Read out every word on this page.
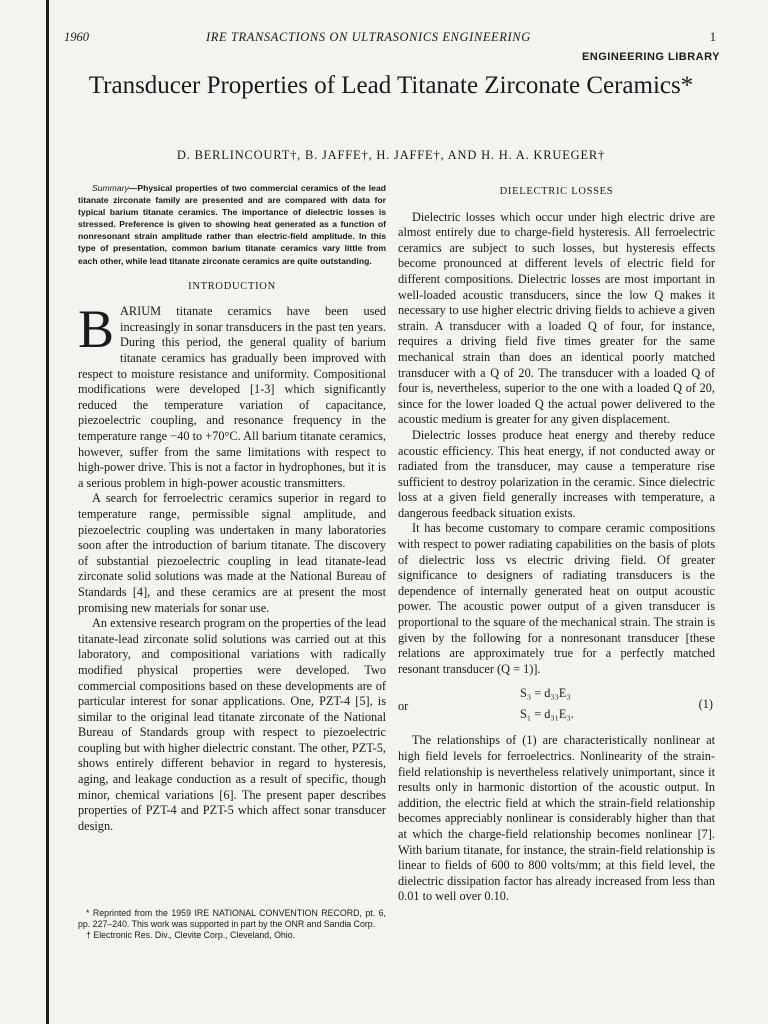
1960
	IRE TRANSACTIONS ON ULTRASONICS ENGINEERING	1
ENGINEERING LIBRARY
Transducer Properties of Lead Titanate Zirconate Ceramics*
D. BERLINCOURT†, B. JAFFE†, H. JAFFE†, AND H. H. A. KRUEGER†

Summary—Physical properties of two commercial ceramics of the lead titanate zirconate family are presented and are compared with data for typical barium titanate ceramics. The importance of dielectric losses is stressed. Preference is given to showing heat generated as a function of nonresonant strain amplitude rather than electric-field amplitude. In this type of presentation, common barium titanate ceramics vary little from each other, while lead titanate zirconate ceramics are quite outstanding.

INTRODUCTION

BARIUM titanate ceramics have been used increasingly in sonar transducers in the past ten years. During this period, the general quality of barium titanate ceramics has gradually been improved with respect to moisture resistance and uniformity. Compositional modifications were developed [1-3] which significantly reduced the temperature variation of capacitance, piezoelectric coupling, and resonance frequency in the temperature range −40 to +70°C. All barium titanate ceramics, however, suffer from the same limitations with respect to high-power drive. This is not a factor in hydrophones, but it is a serious problem in high-power acoustic transmitters.

A search for ferroelectric ceramics superior in regard to temperature range, permissible signal amplitude, and piezoelectric coupling was undertaken in many laboratories soon after the introduction of barium titanate. The discovery of substantial piezoelectric coupling in lead titanate-lead zirconate solid solutions was made at the National Bureau of Standards [4], and these ceramics are at present the most promising new materials for sonar use.

An extensive research program on the properties of the lead titanate-lead zirconate solid solutions was carried out at this laboratory, and compositional variations with radically modified physical properties were developed. Two commercial compositions based on these developments are of particular interest for sonar applications. One, PZT-4 [5], is similar to the original lead titanate zirconate of the National Bureau of Standards group with respect to piezoelectric coupling but with higher dielectric constant. The other, PZT-5, shows entirely different behavior in regard to hysteresis, aging, and leakage conduction as a result of specific, though minor, chemical variations [6]. The present paper describes properties of PZT-4 and PZT-5 which affect sonar transducer design.

* Reprinted from the 1959 IRE NATIONAL CONVENTION RECORD, pt. 6, pp. 227–240. This work was supported in part by the ONR and Sandia Corp.
† Electronic Res. Div., Clevite Corp., Cleveland, Ohio.
DIELECTRIC LOSSES

Dielectric losses which occur under high electric drive are almost entirely due to charge-field hysteresis. All ferroelectric ceramics are subject to such losses, but hysteresis effects become pronounced at different levels of electric field for different compositions. Dielectric losses are most important in well-loaded acoustic transducers, since the low Q makes it necessary to use higher electric driving fields to achieve a given strain. A transducer with a loaded Q of four, for instance, requires a driving field five times greater for the same mechanical strain than does an identical poorly matched transducer with a Q of 20. The transducer with a loaded Q of four is, nevertheless, superior to the one with a loaded Q of 20, since for the lower loaded Q the actual power delivered to the acoustic medium is greater for any given displacement.

Dielectric losses produce heat energy and thereby reduce acoustic efficiency. This heat energy, if not conducted away or radiated from the transducer, may cause a temperature rise sufficient to destroy polarization in the ceramic. Since dielectric loss at a given field generally increases with temperature, a dangerous feedback situation exists.

It has become customary to compare ceramic compositions with respect to power radiating capabilities on the basis of plots of dielectric loss vs electric driving field. Of greater significance to designers of radiating transducers is the dependence of internally generated heat on output acoustic power. The acoustic power output of a given transducer is proportional to the square of the mechanical strain. The strain is given by the following for a nonresonant transducer [these relations are approximately true for a perfectly matched resonant transducer (Q = 1)].

S₃ = d₃₃E₃
or
S₁ = d₃₁E₃.
(1)

The relationships of (1) are characteristically nonlinear at high field levels for ferroelectrics. Nonlinearity of the strain-field relationship is nevertheless relatively unimportant, since it results only in harmonic distortion of the acoustic output. In addition, the electric field at which the strain-field relationship becomes appreciably nonlinear is considerably higher than that at which the charge-field relationship becomes nonlinear [7]. With barium titanate, for instance, the strain-field relationship is linear to fields of 600 to 800 volts/mm; at this field level, the dielectric dissipation factor has already increased from less than 0.01 to well over 0.10.
